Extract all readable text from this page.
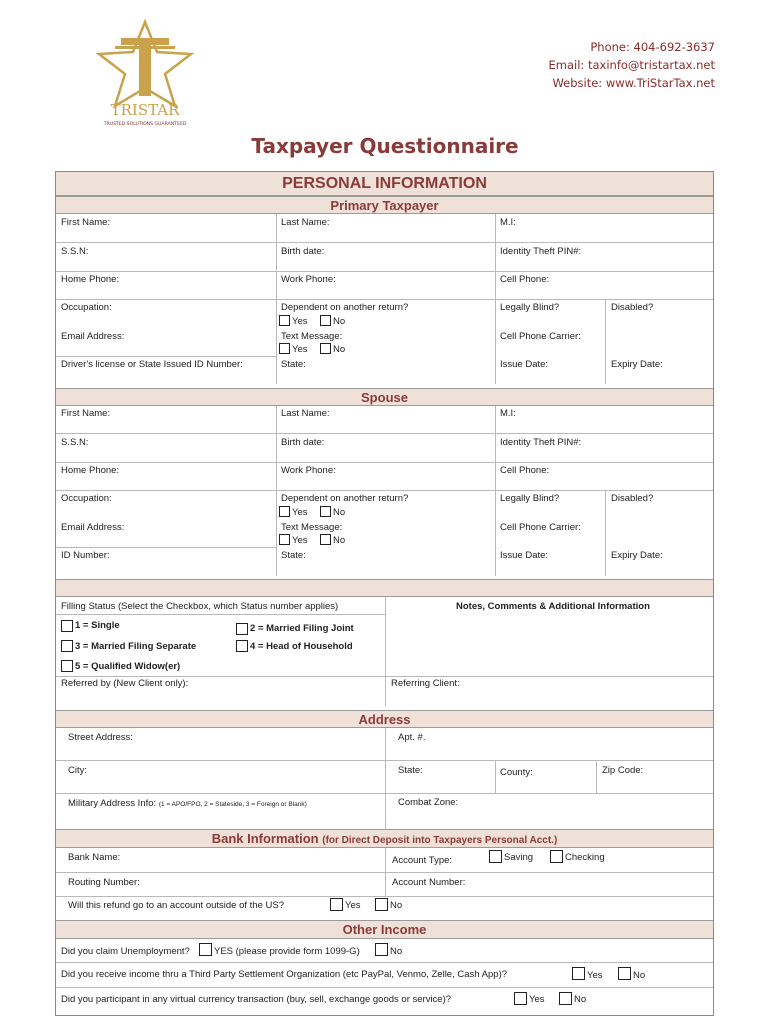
TRISTAR
TRUSTED SOLUTIONS GUARANTEED
Phone: 404-692-3637
Email: taxinfo@tristartax.net
Website: www.TriStarTax.net
Taxpayer Questionnaire
PERSONAL INFORMATION
Primary Taxpayer
First Name:	Last Name:	M.I:
S.S.N:	Birth date:	Identity Theft PIN#:
Home Phone:	Work Phone:	Cell Phone:
Occupation:	Dependent on another return?	Legally Blind?	Disabled?
Yes	No
Email Address:	Text Message:	Cell Phone Carrier:
Yes	No
Driver's license or State Issued ID Number:	State:	Issue Date:	Expiry Date:
Spouse
First Name:	Last Name:	M.I:
S.S.N:	Birth date:	Identity Theft PIN#:
Home Phone:	Work Phone:	Cell Phone:
Occupation:	Dependent on another return?	Legally Blind?	Disabled?
Yes	No
Email Address:	Text Message:	Cell Phone Carrier:
Yes	No
ID Number:	State:	Issue Date:	Expiry Date:
Filling Status (Select the Checkbox, which Status number applies)	Notes, Comments & Additional Information
1 = Single	2 = Married Filing Joint
3 = Married Filing Separate	4 = Head of Household
5 = Qualified Widow(er)
Referred by (New Client only):	Referring Client:
Address
Street Address:	Apt. #.
City:	State:	County:	Zip Code:
Military Address Info: (1 = APO/FPO, 2 = Stateside, 3 = Foreign or Blank)	Combat Zone:
Bank Information (for Direct Deposit into Taxpayers Personal Acct.)
Bank Name:	Account Type:	Saving	Checking
Routing Number:	Account Number:
Will this refund go to an account outside of the US?	Yes	No
Other Income
Did you claim Unemployment?	YES (please provide form 1099-G)	No
Did you receive income thru a Third Party Settlement Organization (etc PayPal, Venmo, Zelle, Cash App)?	Yes	No
Did you participant in any virtual currency transaction (buy, sell, exchange goods or service)?	Yes	No
